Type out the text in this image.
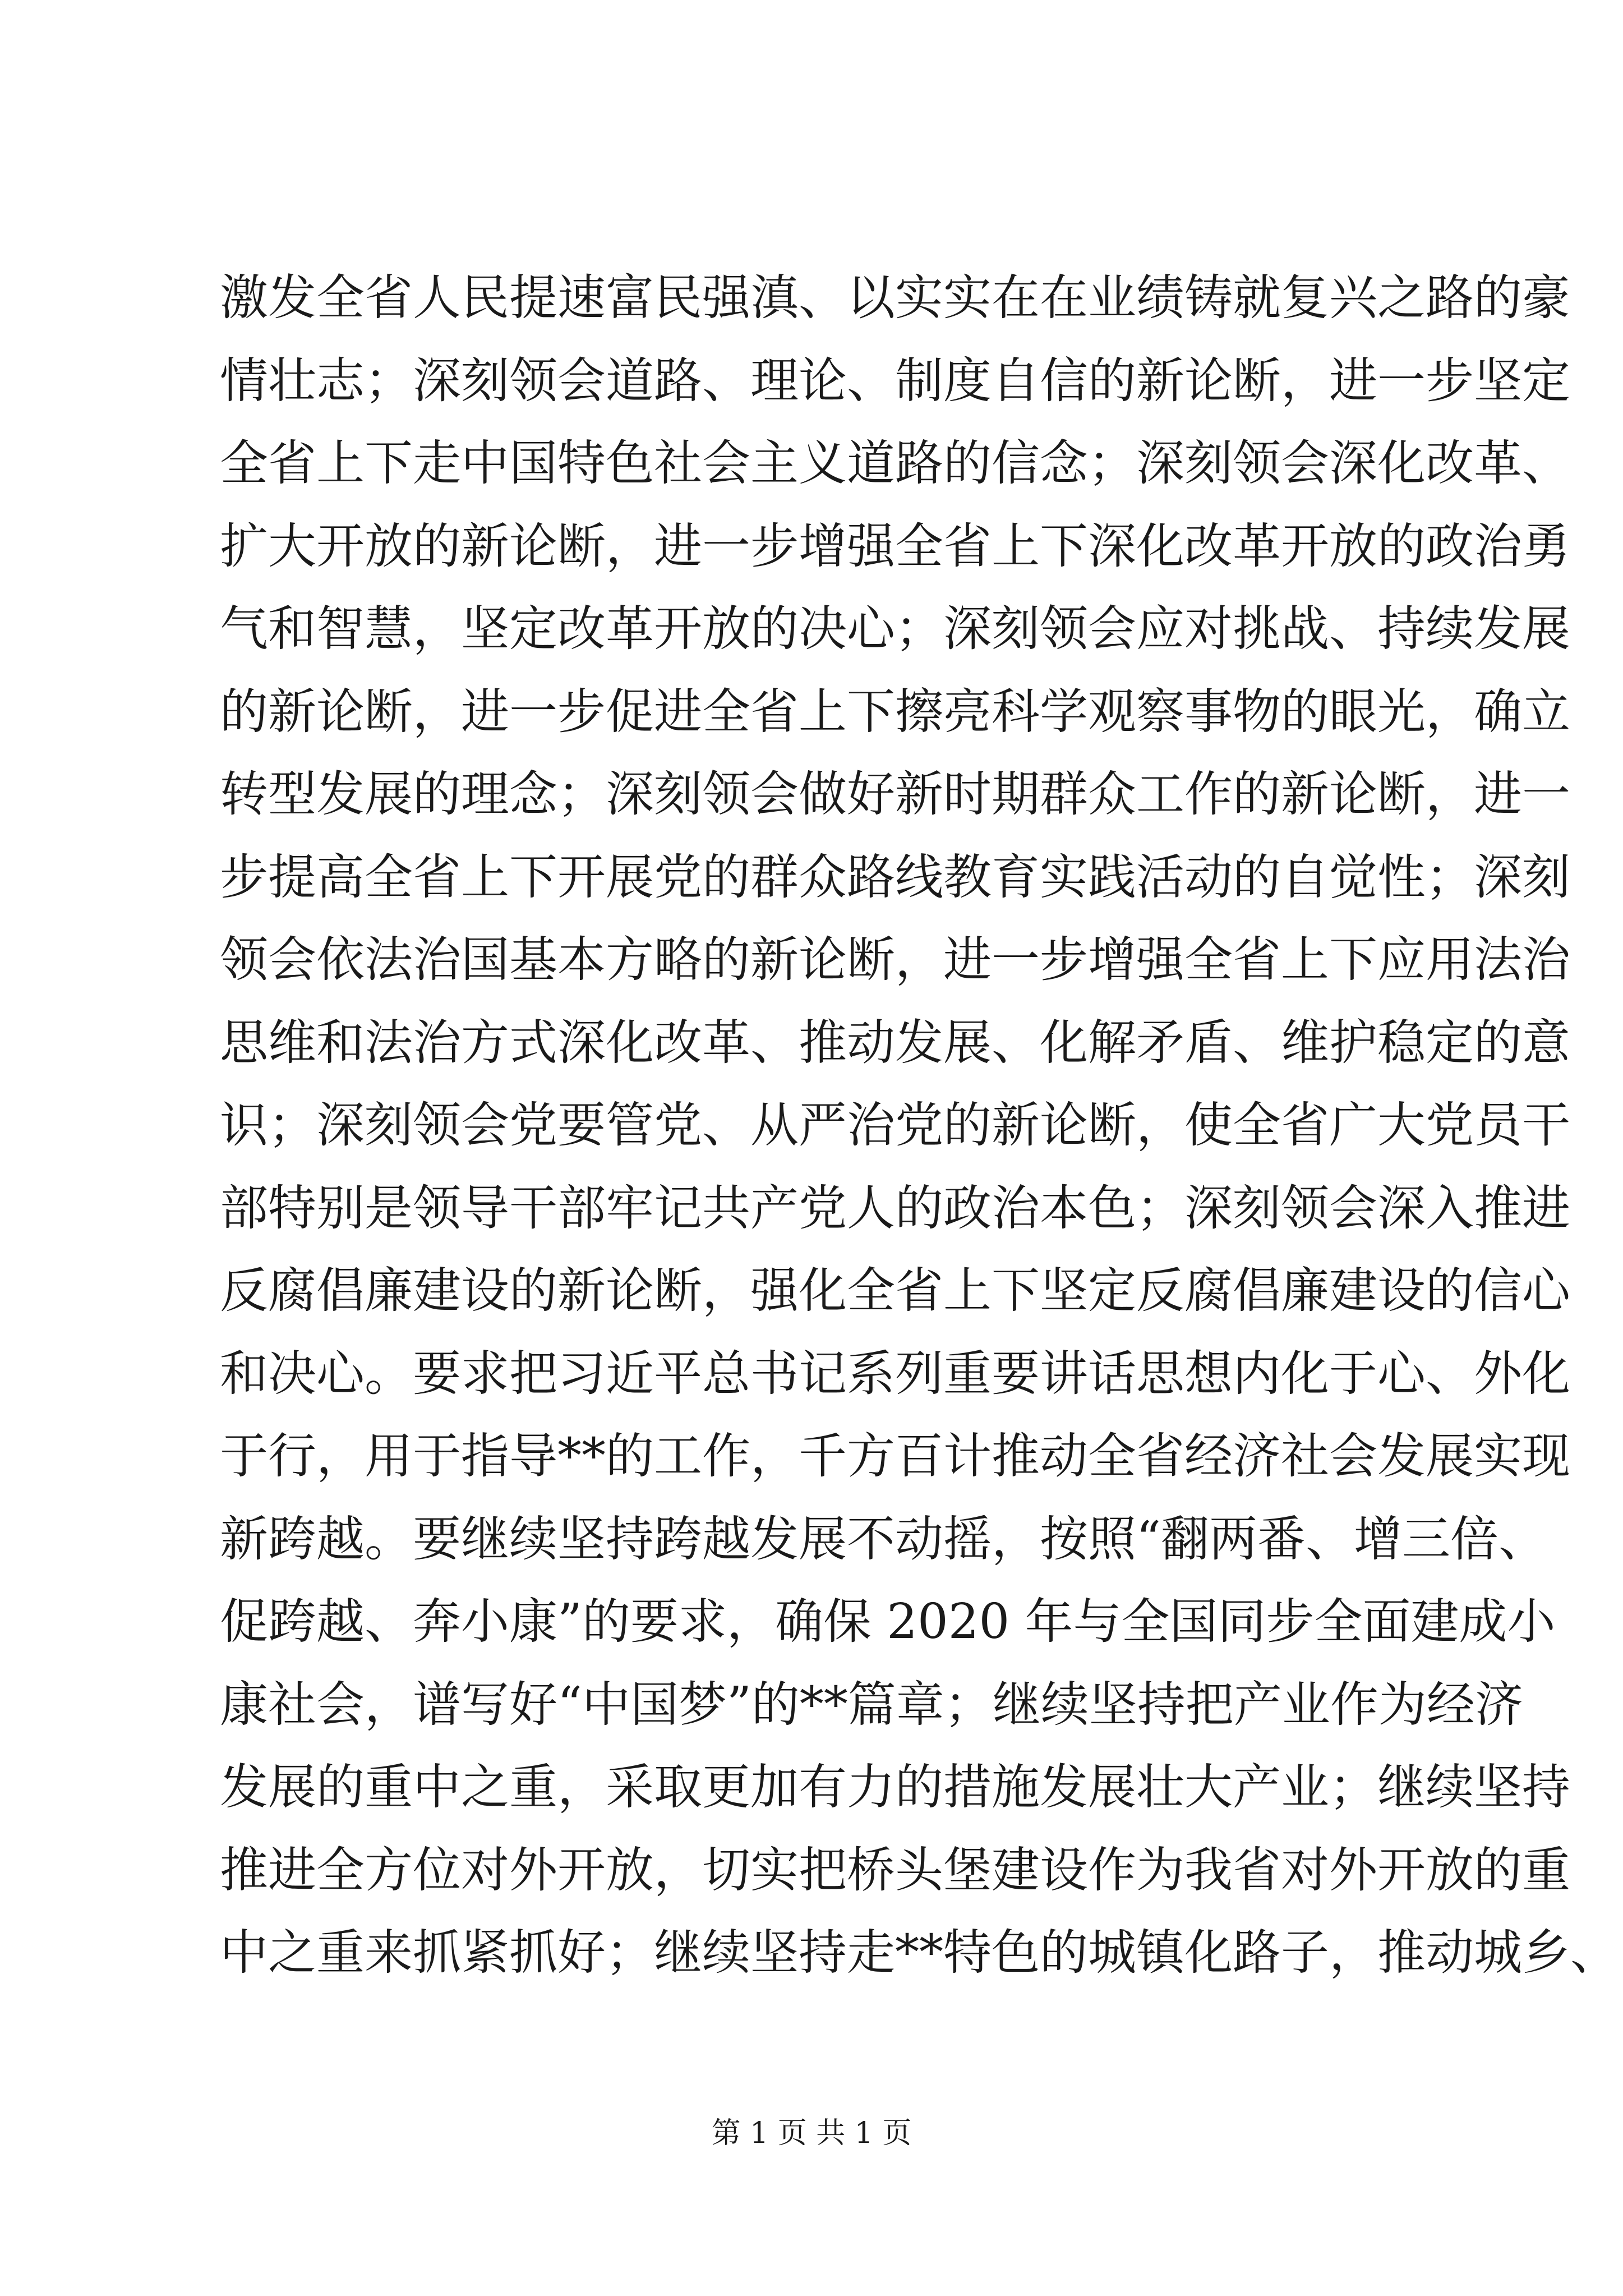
激发全省人民提速富民强滇、以实实在在业绩铸就复兴之路的豪
情壮志；深刻领会道路、理论、制度自信的新论断，进一步坚定
全省上下走中国特色社会主义道路的信念；深刻领会深化改革、
扩大开放的新论断，进一步增强全省上下深化改革开放的政治勇
气和智慧，坚定改革开放的决心；深刻领会应对挑战、持续发展
的新论断，进一步促进全省上下擦亮科学观察事物的眼光，确立
转型发展的理念；深刻领会做好新时期群众工作的新论断，进一
步提高全省上下开展党的群众路线教育实践活动的自觉性；深刻
领会依法治国基本方略的新论断，进一步增强全省上下应用法治
思维和法治方式深化改革、推动发展、化解矛盾、维护稳定的意
识；深刻领会党要管党、从严治党的新论断，使全省广大党员干
部特别是领导干部牢记共产党人的政治本色；深刻领会深入推进
反腐倡廉建设的新论断，强化全省上下坚定反腐倡廉建设的信心
和决心。要求把习近平总书记系列重要讲话思想内化于心、外化
于行，用于指导**的工作，千方百计推动全省经济社会发展实现
新跨越。要继续坚持跨越发展不动摇，按照“翻两番、增三倍、
促跨越、奔小康”的要求，确保 2020 年与全国同步全面建成小
康社会，谱写好“中国梦”的**篇章；继续坚持把产业作为经济
发展的重中之重，采取更加有力的措施发展壮大产业；继续坚持
推进全方位对外开放，切实把桥头堡建设作为我省对外开放的重
中之重来抓紧抓好；继续坚持走**特色的城镇化路子，推动城乡、
第 1 页 共 1 页
